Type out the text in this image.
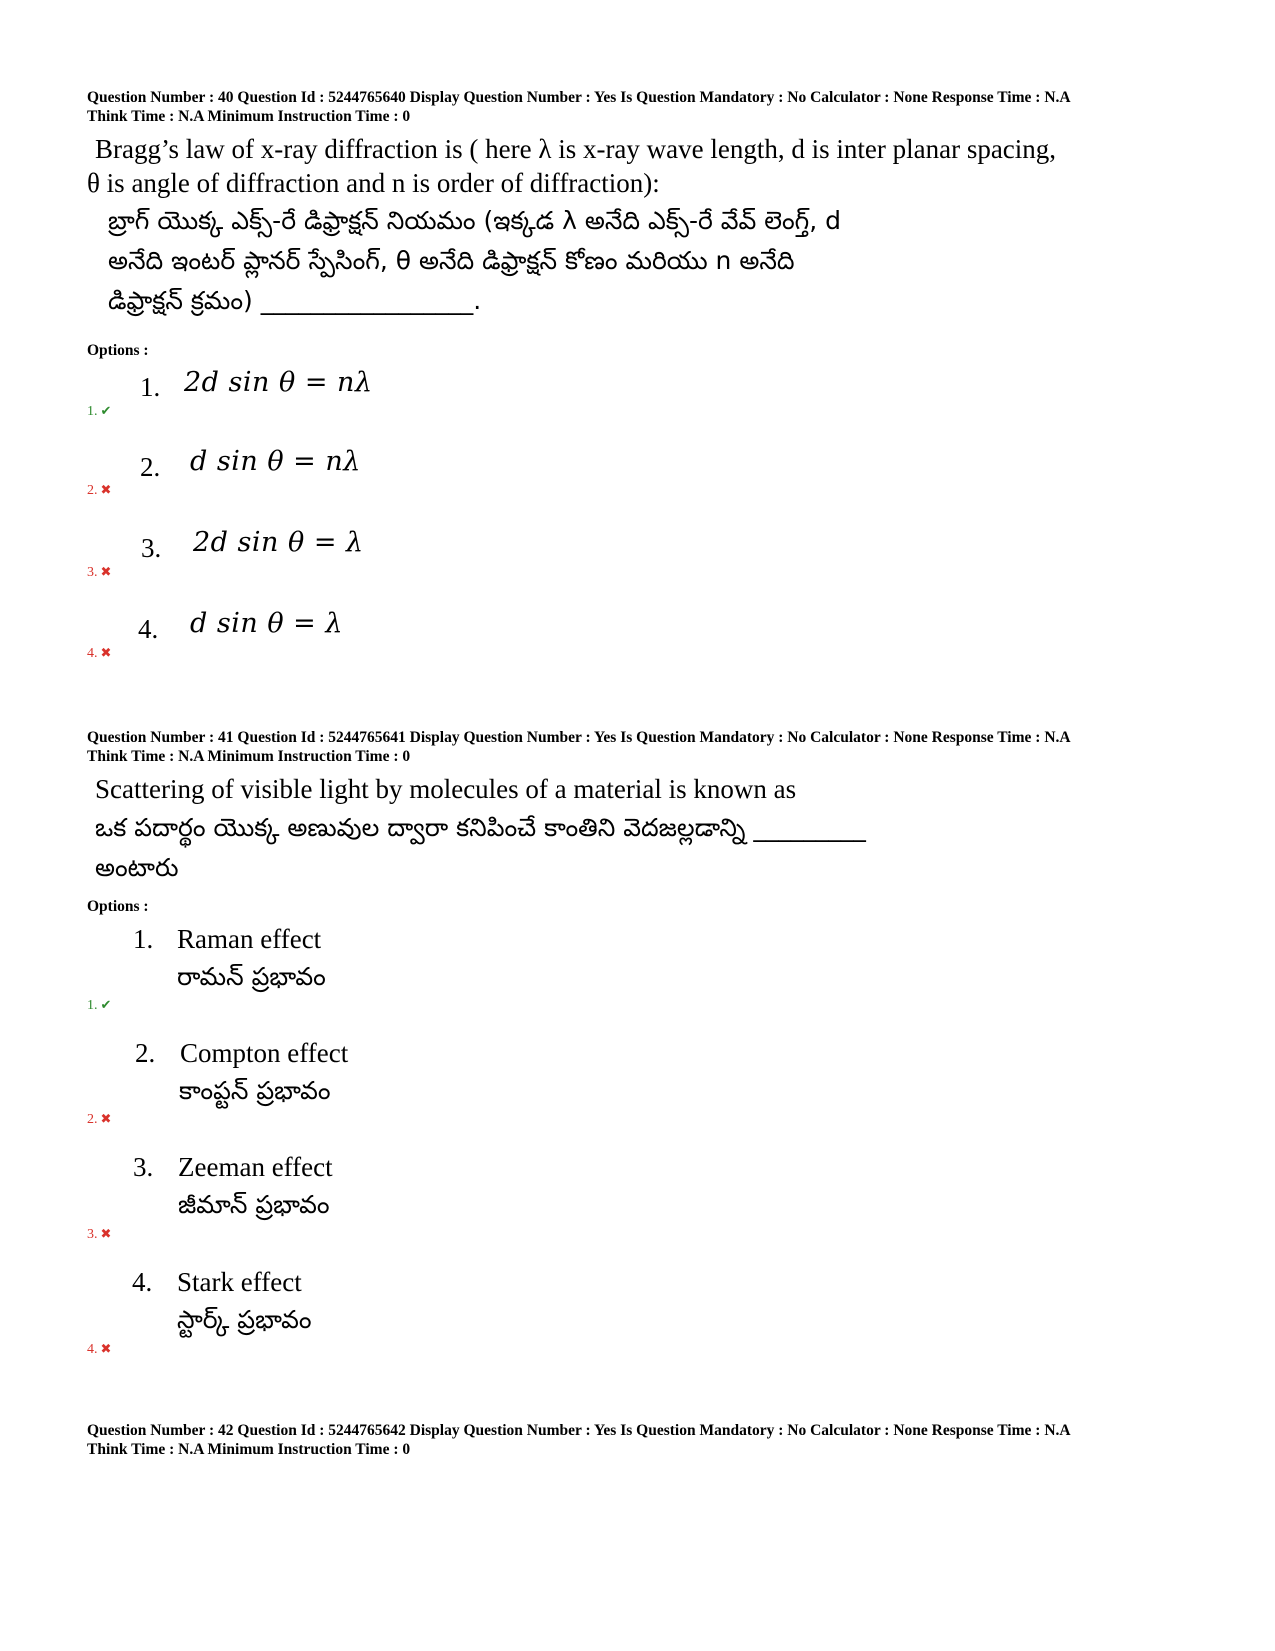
Question Number : 40 Question Id : 5244765640 Display Question Number : Yes Is Question Mandatory : No Calculator : None Response Time : N.A
Think Time : N.A Minimum Instruction Time : 0
Bragg’s law of x-ray diffraction is ( here λ is x-ray wave length, d is inter planar spacing,
θ is angle of diffraction and n is order of diffraction):
బ్రాగ్ యొక్క ఎక్స్-రే డిఫ్రాక్షన్ నియమం (ఇక్కడ λ అనేది ఎక్స్-రే వేవ్ లెంగ్త్, d
అనేది ఇంటర్ ప్లానర్ స్పేసింగ్, θ అనేది డిఫ్రాక్షన్ కోణం మరియు n అనేది
డిఫ్రాక్షన్ క్రమం) _________________.
Options :
1. 2d sin θ = nλ
1. ✔
2. d sin θ = nλ
2. ✖
3. 2d sin θ = λ
3. ✖
4. d sin θ = λ
4. ✖
Question Number : 41 Question Id : 5244765641 Display Question Number : Yes Is Question Mandatory : No Calculator : None Response Time : N.A
Think Time : N.A Minimum Instruction Time : 0
Scattering of visible light by molecules of a material is known as
ఒక పదార్థం యొక్క అణువుల ద్వారా కనిపించే కాంతిని వెదజల్లడాన్ని _________
అంటారు
Options :
1. Raman effect
రామన్ ప్రభావం
1. ✔
2. Compton effect
కాంప్టన్ ప్రభావం
2. ✖
3. Zeeman effect
జీమాన్ ప్రభావం
3. ✖
4. Stark effect
స్టార్క్ ప్రభావం
4. ✖
Question Number : 42 Question Id : 5244765642 Display Question Number : Yes Is Question Mandatory : No Calculator : None Response Time : N.A
Think Time : N.A Minimum Instruction Time : 0
